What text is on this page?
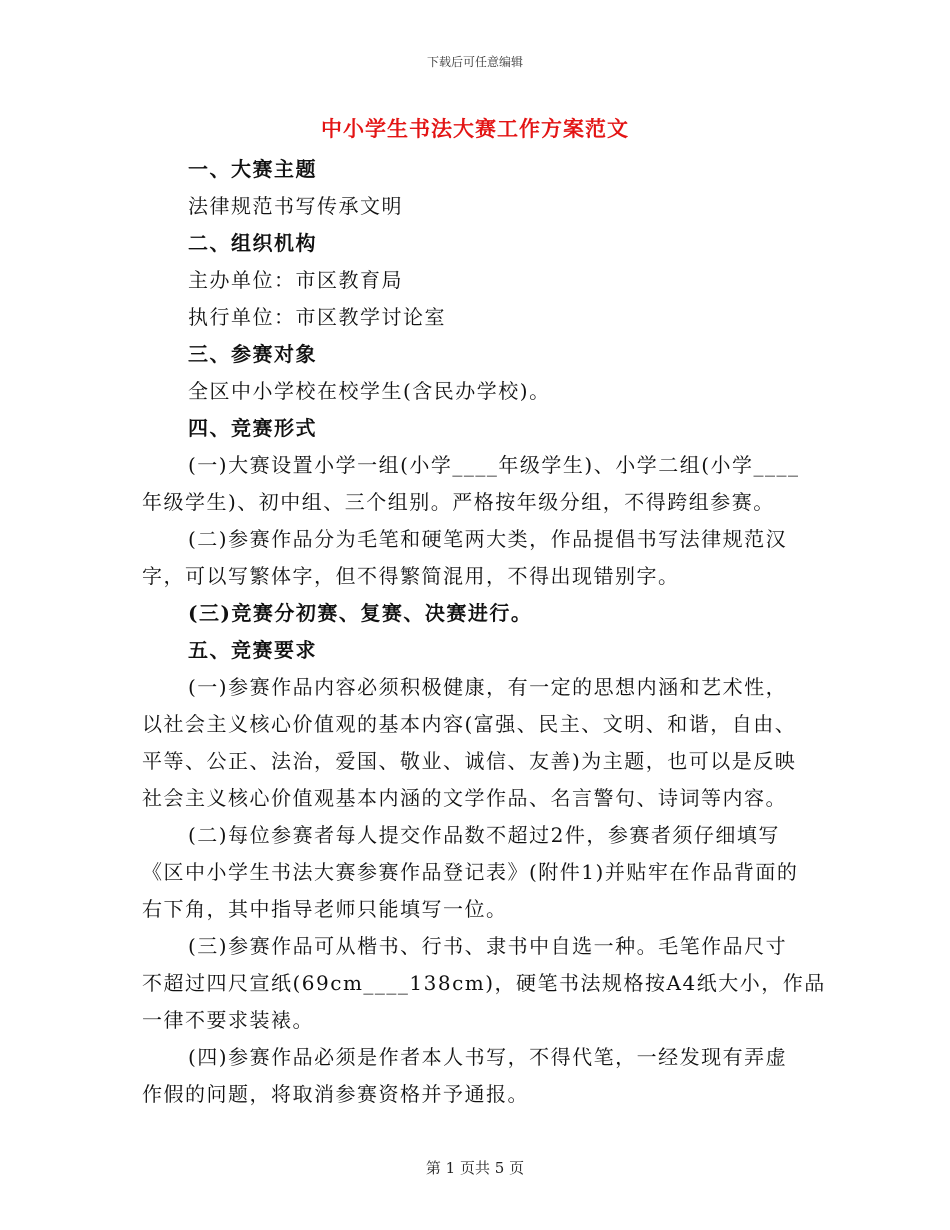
下载后可任意编辑
中小学生书法大赛工作方案范文
一、大赛主题
法律规范书写传承文明
二、组织机构
主办单位：市区教育局
执行单位：市区教学讨论室
三、参赛对象
全区中小学校在校学生(含民办学校)。
四、竞赛形式
(一)大赛设置小学一组(小学____年级学生)、小学二组(小学____
年级学生)、初中组、三个组别。严格按年级分组，不得跨组参赛。
(二)参赛作品分为毛笔和硬笔两大类，作品提倡书写法律规范汉
字，可以写繁体字，但不得繁简混用，不得出现错别字。
(三)竞赛分初赛、复赛、决赛进行。
五、竞赛要求
(一)参赛作品内容必须积极健康，有一定的思想内涵和艺术性，
以社会主义核心价值观的基本内容(富强、民主、文明、和谐，自由、
平等、公正、法治，爱国、敬业、诚信、友善)为主题，也可以是反映
社会主义核心价值观基本内涵的文学作品、名言警句、诗词等内容。
(二)每位参赛者每人提交作品数不超过2件，参赛者须仔细填写
《区中小学生书法大赛参赛作品登记表》(附件1)并贴牢在作品背面的
右下角，其中指导老师只能填写一位。
(三)参赛作品可从楷书、行书、隶书中自选一种。毛笔作品尺寸
不超过四尺宣纸(69cm____138cm)，硬笔书法规格按A4纸大小，作品
一律不要求装裱。
(四)参赛作品必须是作者本人书写，不得代笔，一经发现有弄虚
作假的问题，将取消参赛资格并予通报。
第 1 页共 5 页
